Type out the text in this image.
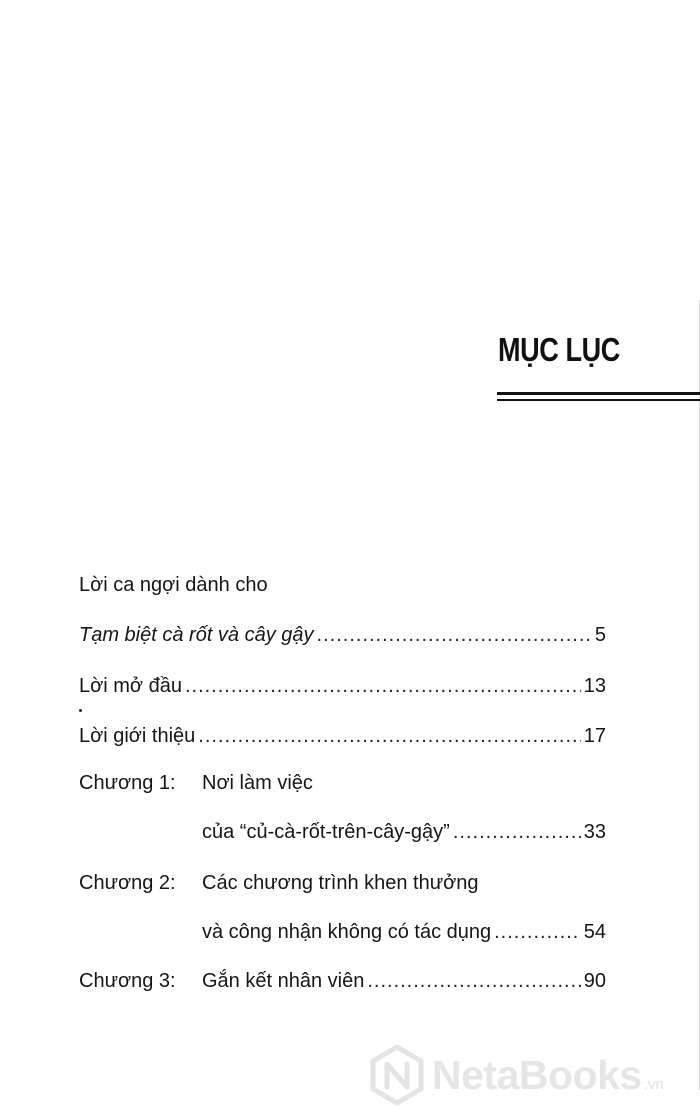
MỤC LỤC
Lời ca ngợi dành cho
Tạm biệt cà rốt và cây gậy .....	5
Lời mở đầu .....	13
Lời giới thiệu .....	17
Chương 1: Nơi làm việc
của “củ-cà-rốt-trên-cây-gậy” .....	33
Chương 2: Các chương trình khen thưởng
và công nhận không có tác dụng .....	54
Chương 3: Gắn kết nhân viên .....	90
NetaBooks .vn
